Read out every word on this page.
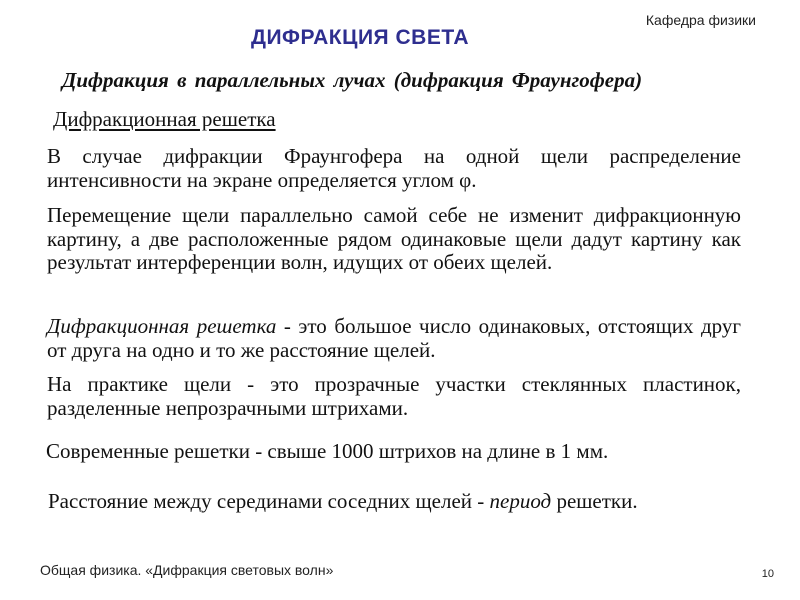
Кафедра физики
ДИФРАКЦИЯ СВЕТА
Дифракция в параллельных лучах (дифракция Фраунгофера)
Дифракционная решетка
В случае дифракции Фраунгофера на одной щели распределение интенсивности на экране определяется углом φ.
Перемещение щели параллельно самой себе не изменит дифракционную картину, а две расположенные рядом одинаковые щели дадут картину как результат интерференции волн, идущих от обеих щелей.
Дифракционная решетка - это большое число одинаковых, отстоящих друг от друга на одно и то же расстояние щелей.
На практике щели - это прозрачные участки стеклянных пластинок, разделенные непрозрачными штрихами.
Современные решетки - свыше 1000 штрихов на длине в 1 мм.
Расстояние между серединами соседних щелей - период решетки.
Общая физика. «Дифракция световых волн»	10
